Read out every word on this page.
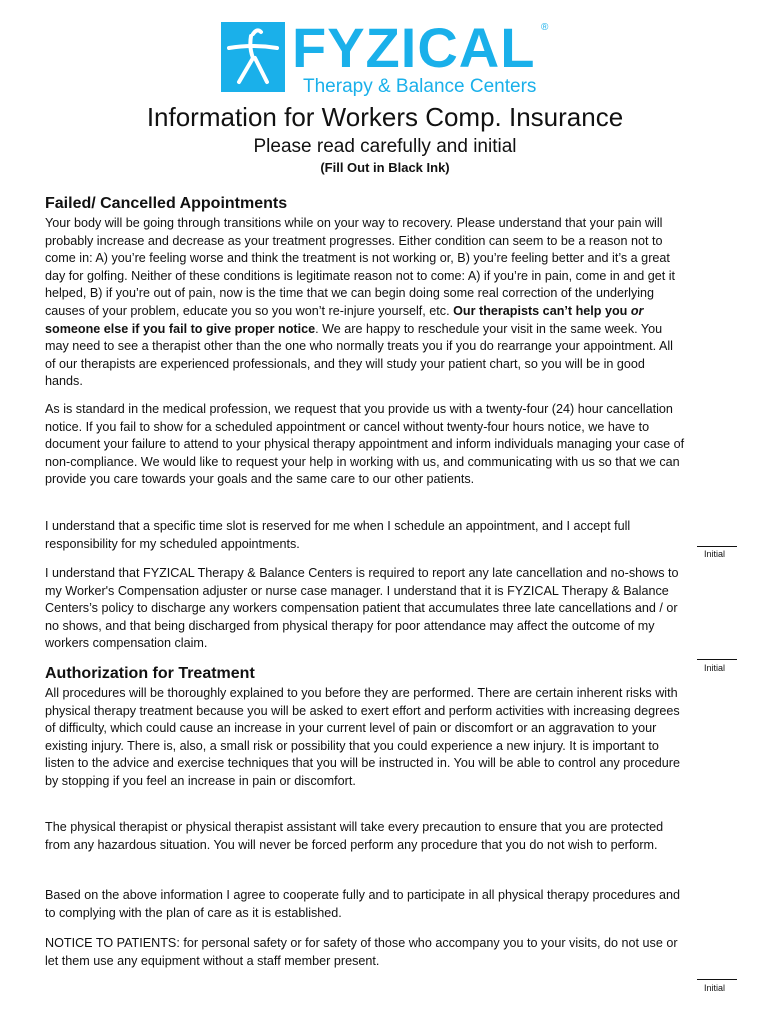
FYZICAL ®
Therapy & Balance Centers
Information for Workers Comp. Insurance
Please read carefully and initial
(Fill Out in Black Ink)
Failed/ Cancelled Appointments
Your body will be going through transitions while on your way to recovery. Please understand that your pain will probably increase and decrease as your treatment progresses. Either condition can seem to be a reason not to come in: A) you’re feeling worse and think the treatment is not working or, B) you’re feeling better and it’s a great day for golfing. Neither of these conditions is legitimate reason not to come: A) if you’re in pain, come in and get it helped, B) if you’re out of pain, now is the time that we can begin doing some real correction of the underlying causes of your problem, educate you so you won’t re-injure yourself, etc. Our therapists can’t help you or someone else if you fail to give proper notice. We are happy to reschedule your visit in the same week. You may need to see a therapist other than the one who normally treats you if you do rearrange your appointment. All of our therapists are experienced professionals, and they will study your patient chart, so you will be in good hands.
As is standard in the medical profession, we request that you provide us with a twenty-four (24) hour cancellation notice. If you fail to show for a scheduled appointment or cancel without twenty-four hours notice, we have to document your failure to attend to your physical therapy appointment and inform individuals managing your case of non-compliance. We would like to request your help in working with us, and communicating with us so that we can provide you care towards your goals and the same care to our other patients.
I understand that a specific time slot is reserved for me when I schedule an appointment, and I accept full responsibility for my scheduled appointments.
Initial
I understand that FYZICAL Therapy & Balance Centers is required to report any late cancellation and no-shows to my Worker's Compensation adjuster or nurse case manager. I understand that it is FYZICAL Therapy & Balance Centers’s policy to discharge any workers compensation patient that accumulates three late cancellations and / or no shows, and that being discharged from physical therapy for poor attendance may affect the outcome of my workers compensation claim.
Initial
Authorization for Treatment
All procedures will be thoroughly explained to you before they are performed. There are certain inherent risks with physical therapy treatment because you will be asked to exert effort and perform activities with increasing degrees of difficulty, which could cause an increase in your current level of pain or discomfort or an aggravation to your existing injury. There is, also, a small risk or possibility that you could experience a new injury. It is important to listen to the advice and exercise techniques that you will be instructed in. You will be able to control any procedure by stopping if you feel an increase in pain or discomfort.
The physical therapist or physical therapist assistant will take every precaution to ensure that you are protected from any hazardous situation. You will never be forced perform any procedure that you do not wish to perform.
Based on the above information I agree to cooperate fully and to participate in all physical therapy procedures and to complying with the plan of care as it is established.
NOTICE TO PATIENTS: for personal safety or for safety of those who accompany you to your visits, do not use or let them use any equipment without a staff member present.
Initial
